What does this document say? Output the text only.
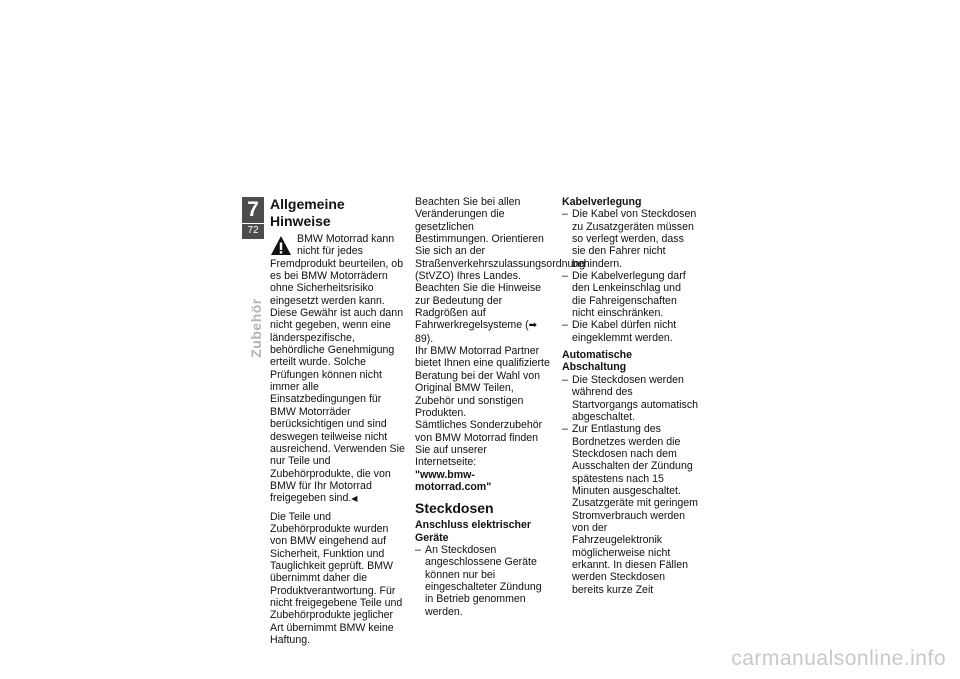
7
72
Zubehör
Allgemeine Hinweise

BMW Motorrad kann nicht für jedes Fremdprodukt beurteilen, ob es bei BMW Motorrädern ohne Sicherheitsrisiko eingesetzt werden kann. Diese Gewähr ist auch dann nicht gegeben, wenn eine länderspezifische, behördliche Genehmigung erteilt wurde. Solche Prüfungen können nicht immer alle Einsatzbedingungen für BMW Motorräder berücksichtigen und sind deswegen teilweise nicht ausreichend. Verwenden Sie nur Teile und Zubehörprodukte, die von BMW für Ihr Motorrad freigegeben sind.◀

Die Teile und Zubehörprodukte wurden von BMW eingehend auf Sicherheit, Funktion und Tauglichkeit geprüft. BMW übernimmt daher die Produktverantwortung. Für nicht freigegebene Teile und Zubehörprodukte jeglicher Art übernimmt BMW keine Haftung.

Beachten Sie bei allen Veränderungen die gesetzlichen Bestimmungen. Orientieren Sie sich an der Straßenverkehrszulassungsordnung (StVZO) Ihres Landes. Beachten Sie die Hinweise zur Bedeutung der Radgrößen auf Fahrwerkregelsysteme (➡ 89).

Ihr BMW Motorrad Partner bietet Ihnen eine qualifizierte Beratung bei der Wahl von Original BMW Teilen, Zubehör und sonstigen Produkten.

Sämtliches Sonderzubehör von BMW Motorrad finden Sie auf unserer Internetseite:

"www.bmw-motorrad.com"

Steckdosen
Anschluss elektrischer Geräte
– An Steckdosen angeschlossene Geräte können nur bei eingeschalteter Zündung in Betrieb genommen werden.
Kabelverlegung
– Die Kabel von Steckdosen zu Zusatzgeräten müssen so verlegt werden, dass sie den Fahrer nicht behindern.
– Die Kabelverlegung darf den Lenkeinschlag und die Fahreigenschaften nicht einschränken.
– Die Kabel dürfen nicht eingeklemmt werden.
Automatische Abschaltung
– Die Steckdosen werden während des Startvorgangs automatisch abgeschaltet.
– Zur Entlastung des Bordnetzes werden die Steckdosen nach dem Ausschalten der Zündung spätestens nach 15 Minuten ausgeschaltet. Zusatzgeräte mit geringem Stromverbrauch werden von der Fahrzeugelektronik möglicherweise nicht erkannt. In diesen Fällen werden Steckdosen bereits kurze Zeit
carmanualsonline.info
